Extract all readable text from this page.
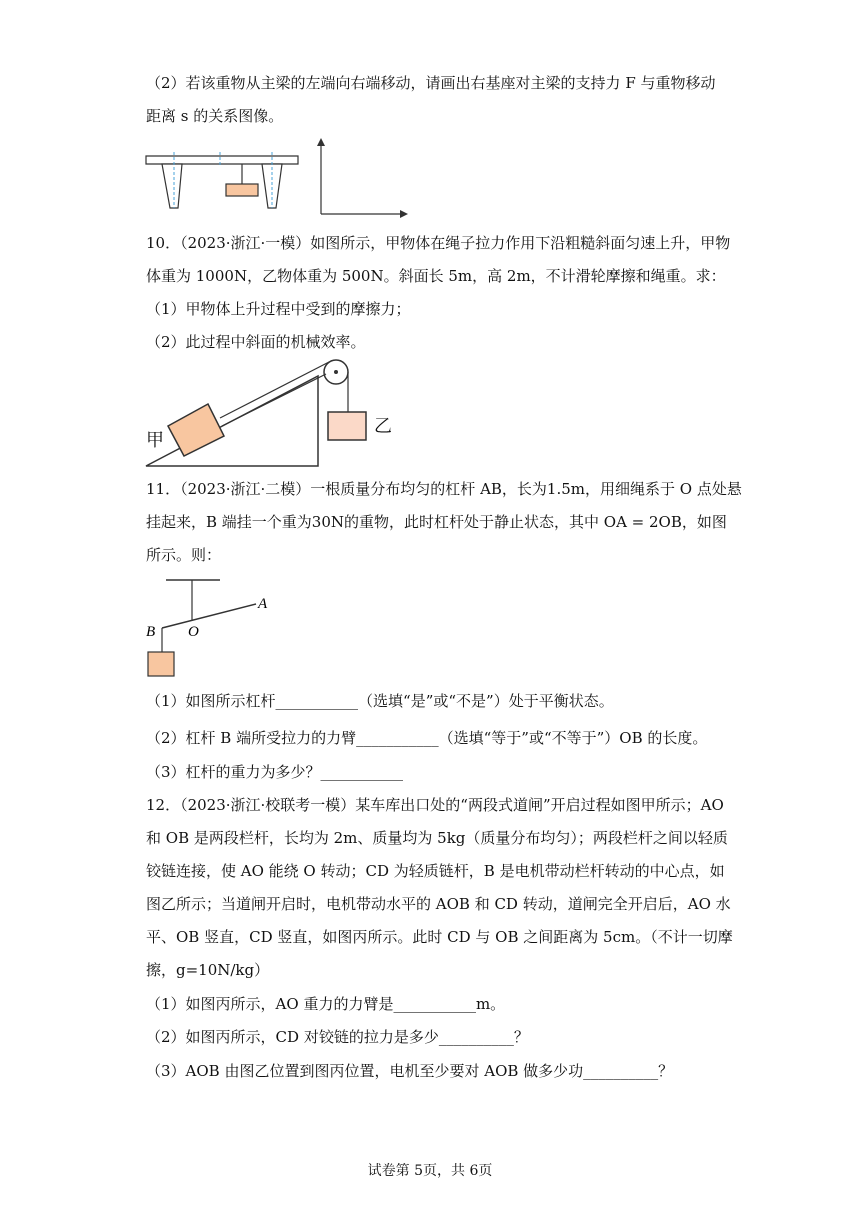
（2）若该重物从主梁的左端向右端移动，请画出右基座对主梁的支持力 F 与重物移动
距离 s 的关系图像。
10．（2023·浙江·一模）如图所示，甲物体在绳子拉力作用下沿粗糙斜面匀速上升，甲物
体重为 1000N，乙物体重为 500N。斜面长 5m，高 2m，不计滑轮摩擦和绳重。求：
（1）甲物体上升过程中受到的摩擦力；
（2）此过程中斜面的机械效率。
甲
乙
11．（2023·浙江·二模）一根质量分布均匀的杠杆 AB，长为1.5m，用细绳系于 O 点处悬
挂起来，B 端挂一个重为30N的重物，此时杠杆处于静止状态，其中 OA = 2OB，如图
所示。则：
A
B O
（1）如图所示杠杆___________（选填“是”或“不是”）处于平衡状态。
（2）杠杆 B 端所受拉力的力臂___________（选填“等于”或“不等于”）OB 的长度。
（3）杠杆的重力为多少？___________
12．（2023·浙江·校联考一模）某车库出口处的“两段式道闸”开启过程如图甲所示；AO
和 OB 是两段栏杆，长均为 2m、质量均为 5kg（质量分布均匀）；两段栏杆之间以轻质
铰链连接，使 AO 能绕 O 转动；CD 为轻质链杆，B 是电机带动栏杆转动的中心点，如
图乙所示；当道闸开启时，电机带动水平的 AOB 和 CD 转动，道闸完全开启后，AO 水
平、OB 竖直，CD 竖直，如图丙所示。此时 CD 与 OB 之间距离为 5cm。（不计一切摩
擦，g=10N/kg）
（1）如图丙所示，AO 重力的力臂是___________m。
（2）如图丙所示，CD 对铰链的拉力是多少__________？
（3）AOB 由图乙位置到图丙位置，电机至少要对 AOB 做多少功__________？
试卷第 5页，共 6页
